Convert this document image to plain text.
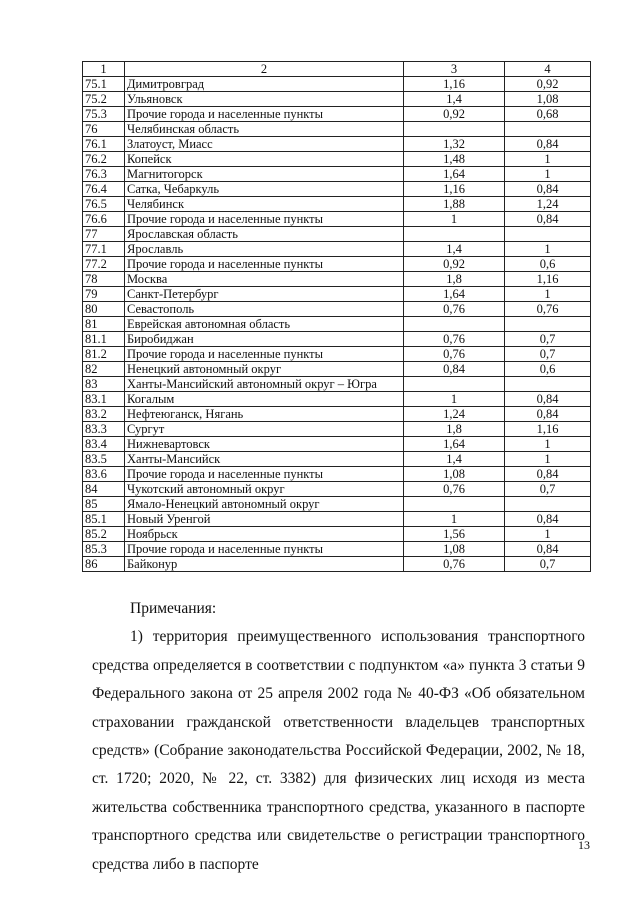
1	2	3	4
75.1	Димитровград	1,16	0,92
75.2	Ульяновск	1,4	1,08
75.3	Прочие города и населенные пункты	0,92	0,68
76	Челябинская область		
76.1	Златоуст, Миасс	1,32	0,84
76.2	Копейск	1,48	1
76.3	Магнитогорск	1,64	1
76.4	Сатка, Чебаркуль	1,16	0,84
76.5	Челябинск	1,88	1,24
76.6	Прочие города и населенные пункты	1	0,84
77	Ярославская область		
77.1	Ярославль	1,4	1
77.2	Прочие города и населенные пункты	0,92	0,6
78	Москва	1,8	1,16
79	Санкт-Петербург	1,64	1
80	Севастополь	0,76	0,76
81	Еврейская автономная область		
81.1	Биробиджан	0,76	0,7
81.2	Прочие города и населенные пункты	0,76	0,7
82	Ненецкий автономный округ	0,84	0,6
83	Ханты-Мансийский автономный округ – Югра		
83.1	Когалым	1	0,84
83.2	Нефтеюганск, Нягань	1,24	0,84
83.3	Сургут	1,8	1,16
83.4	Нижневартовск	1,64	1
83.5	Ханты-Мансийск	1,4	1
83.6	Прочие города и населенные пункты	1,08	0,84
84	Чукотский автономный округ	0,76	0,7
85	Ямало-Ненецкий автономный округ		
85.1	Новый Уренгой	1	0,84
85.2	Ноябрьск	1,56	1
85.3	Прочие города и населенные пункты	1,08	0,84
86	Байконур	0,76	0,7
Примечания:

1) территория преимущественного использования транспортного средства определяется в соответствии с подпунктом «а» пункта 3 статьи 9 Федерального закона от 25 апреля 2002 года № 40-ФЗ «Об обязательном страховании гражданской ответственности владельцев транспортных средств» (Собрание законодательства Российской Федерации, 2002, № 18, ст. 1720; 2020, № 22, ст. 3382) для физических лиц исходя из места жительства собственника транспортного средства, указанного в паспорте транспортного средства или свидетельстве о регистрации транспортного средства либо в паспорте

13
